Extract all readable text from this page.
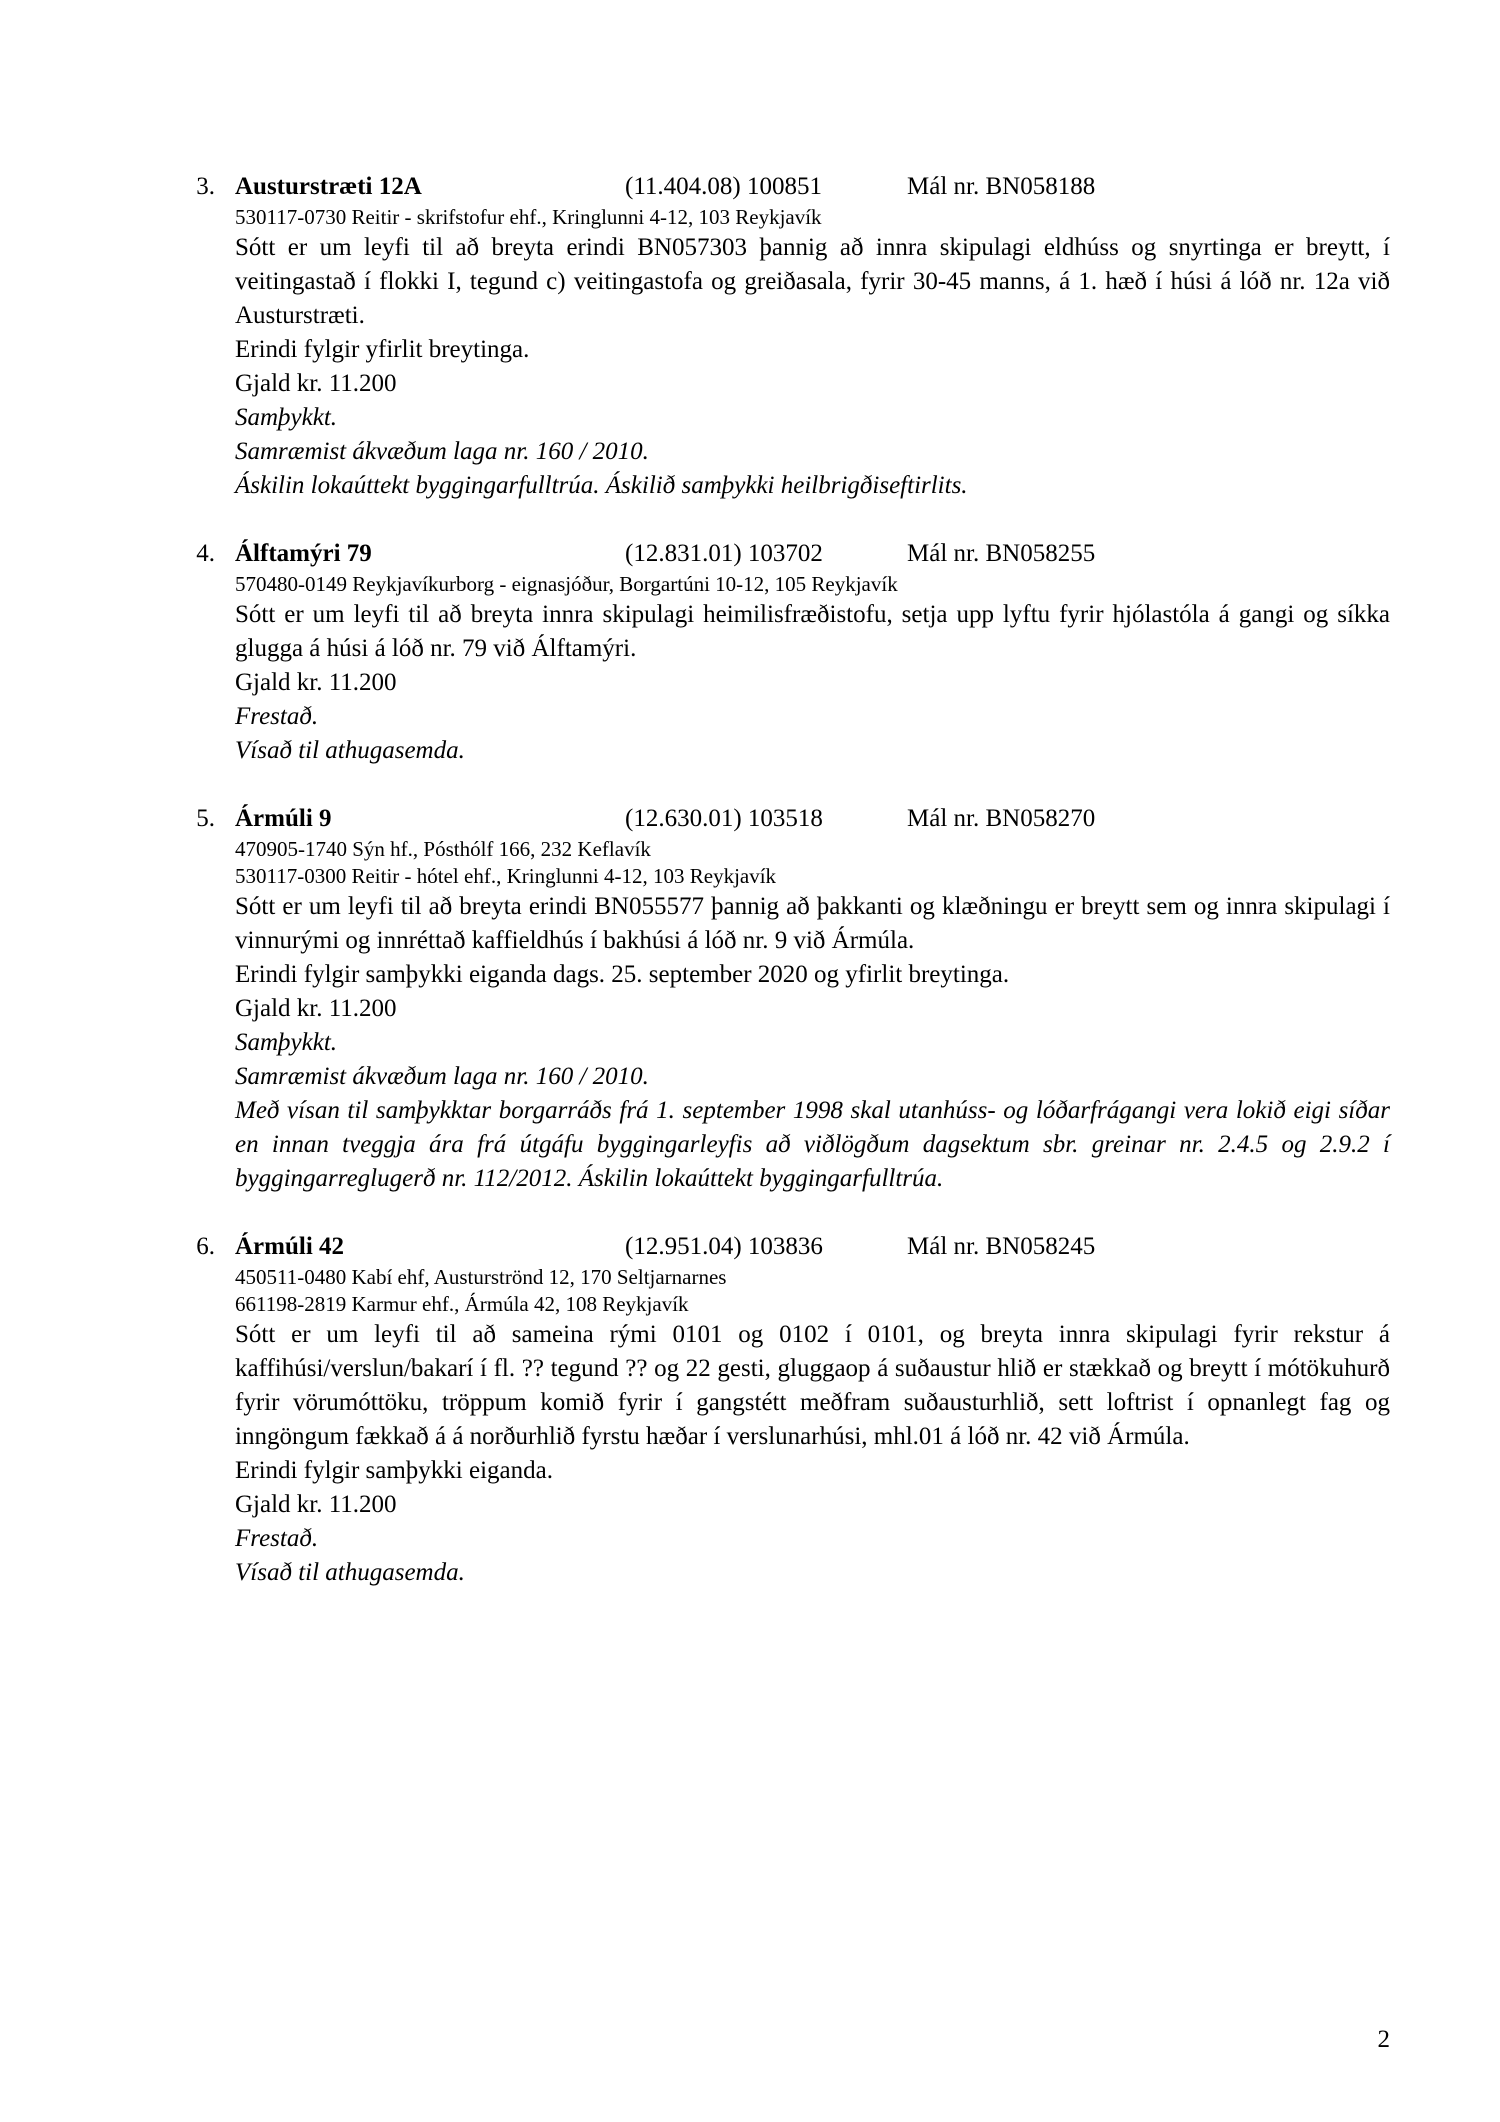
3. Austurstræti 12A	(11.404.08) 100851	Mál nr. BN058188
530117-0730 Reitir - skrifstofur ehf., Kringlunni 4-12, 103 Reykjavík
Sótt er um leyfi til að breyta erindi BN057303 þannig að innra skipulagi eldhúss og snyrtinga er breytt, í veitingastað í flokki I, tegund c) veitingastofa og greiðasala, fyrir 30-45 manns, á 1. hæð í húsi á lóð nr. 12a við Austurstræti.
Erindi fylgir yfirlit breytinga.
Gjald kr. 11.200
Samþykkt.
Samræmist ákvæðum laga nr. 160 / 2010.
Áskilin lokaúttekt byggingarfulltrúa. Áskilið samþykki heilbrigðiseftirlits.
4. Álftamýri 79	(12.831.01) 103702	Mál nr. BN058255
570480-0149 Reykjavíkurborg - eignasjóður, Borgartúni 10-12, 105 Reykjavík
Sótt er um leyfi til að breyta innra skipulagi heimilisfræðistofu, setja upp lyftu fyrir hjólastóla á gangi og síkka glugga á húsi á lóð nr. 79 við Álftamýri.
Gjald kr. 11.200
Frestað.
Vísað til athugasemda.
5. Ármúli 9	(12.630.01) 103518	Mál nr. BN058270
470905-1740 Sýn hf., Pósthólf 166, 232 Keflavík
530117-0300 Reitir - hótel ehf., Kringlunni 4-12, 103 Reykjavík
Sótt er um leyfi til að breyta erindi BN055577 þannig að þakkanti og klæðningu er breytt sem og innra skipulagi í vinnurými og innréttað kaffieldhús í bakhúsi á lóð nr. 9 við Ármúla.
Erindi fylgir samþykki eiganda dags. 25. september 2020 og yfirlit breytinga.
Gjald kr. 11.200
Samþykkt.
Samræmist ákvæðum laga nr. 160 / 2010.
Með vísan til samþykktar borgarráðs frá 1. september 1998 skal utanhúss- og lóðarfrágangi vera lokið eigi síðar en innan tveggja ára frá útgáfu byggingarleyfis að viðlögðum dagsektum sbr. greinar nr. 2.4.5 og 2.9.2 í byggingarreglugerð nr. 112/2012. Áskilin lokaúttekt byggingarfulltrúa.
6. Ármúli 42	(12.951.04) 103836	Mál nr. BN058245
450511-0480 Kabí ehf, Austurströnd 12, 170 Seltjarnarnes
661198-2819 Karmur ehf., Ármúla 42, 108 Reykjavík
Sótt er um leyfi til að sameina rými 0101 og 0102 í 0101, og breyta innra skipulagi fyrir rekstur á kaffihúsi/verslun/bakarí í fl. ?? tegund ?? og 22 gesti, gluggaop á suðaustur hlið er stækkað og breytt í mótökuhurð fyrir vörumóttöku, tröppum komið fyrir í gangstétt meðfram suðausturhlið, sett loftrist í opnanlegt fag og inngöngum fækkað á á norðurhlið fyrstu hæðar í verslunarhúsi, mhl.01 á lóð nr. 42 við Ármúla.
Erindi fylgir samþykki eiganda.
Gjald kr. 11.200
Frestað.
Vísað til athugasemda.
2
